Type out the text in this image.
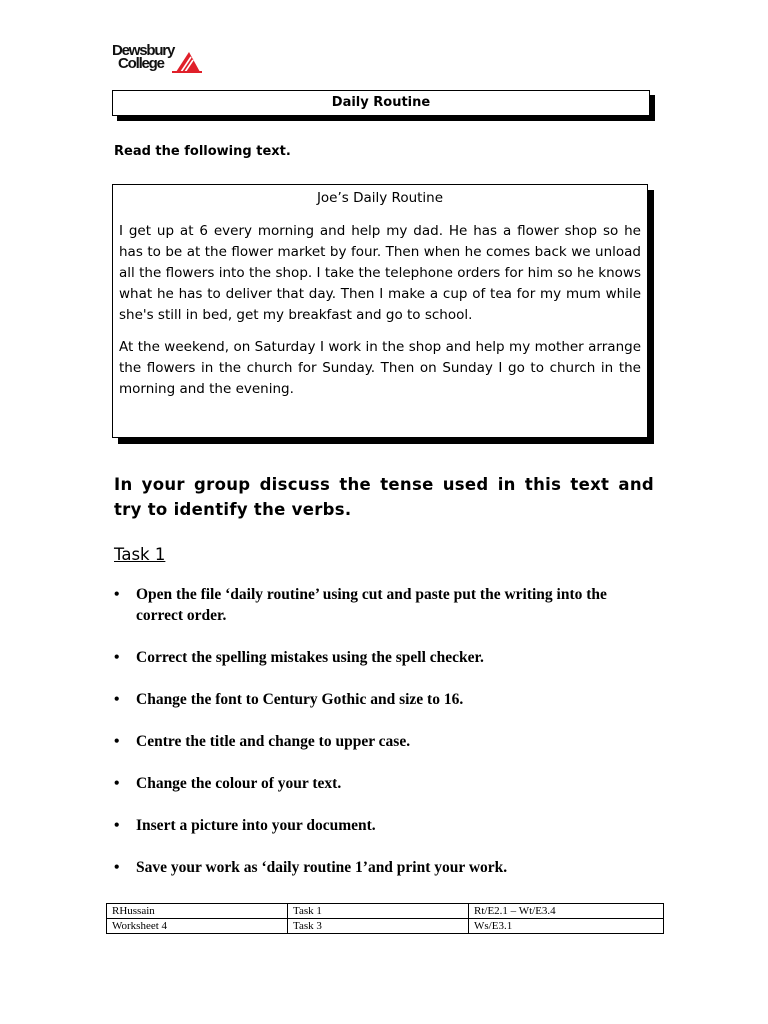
Dewsbury
College
Daily Routine
Read the following text.
Joe’s Daily Routine

I get up at 6 every morning and help my dad. He has a flower shop so he has to be at the flower market by four. Then when he comes back we unload all the flowers into the shop. I take the telephone orders for him so he knows what he has to deliver that day. Then I make a cup of tea for my mum while she's still in bed, get my breakfast and go to school.

At the weekend, on Saturday I work in the shop and help my mother arrange the flowers in the church for Sunday. Then on Sunday I go to church in the morning and the evening.

In your group discuss the tense used in this text and try to identify the verbs.
Task 1
• Open the file ‘daily routine’ using cut and paste put the writing into the correct order.
• Correct the spelling mistakes using the spell checker.
• Change the font to Century Gothic and size to 16.
• Centre the title and change to upper case.
• Change the colour of your text.
• Insert a picture into your document.
• Save your work as ‘daily routine 1’and print your work.
RHussain	Task 1	Rt/E2.1 – Wt/E3.4
Worksheet 4	Task 3	Ws/E3.1
